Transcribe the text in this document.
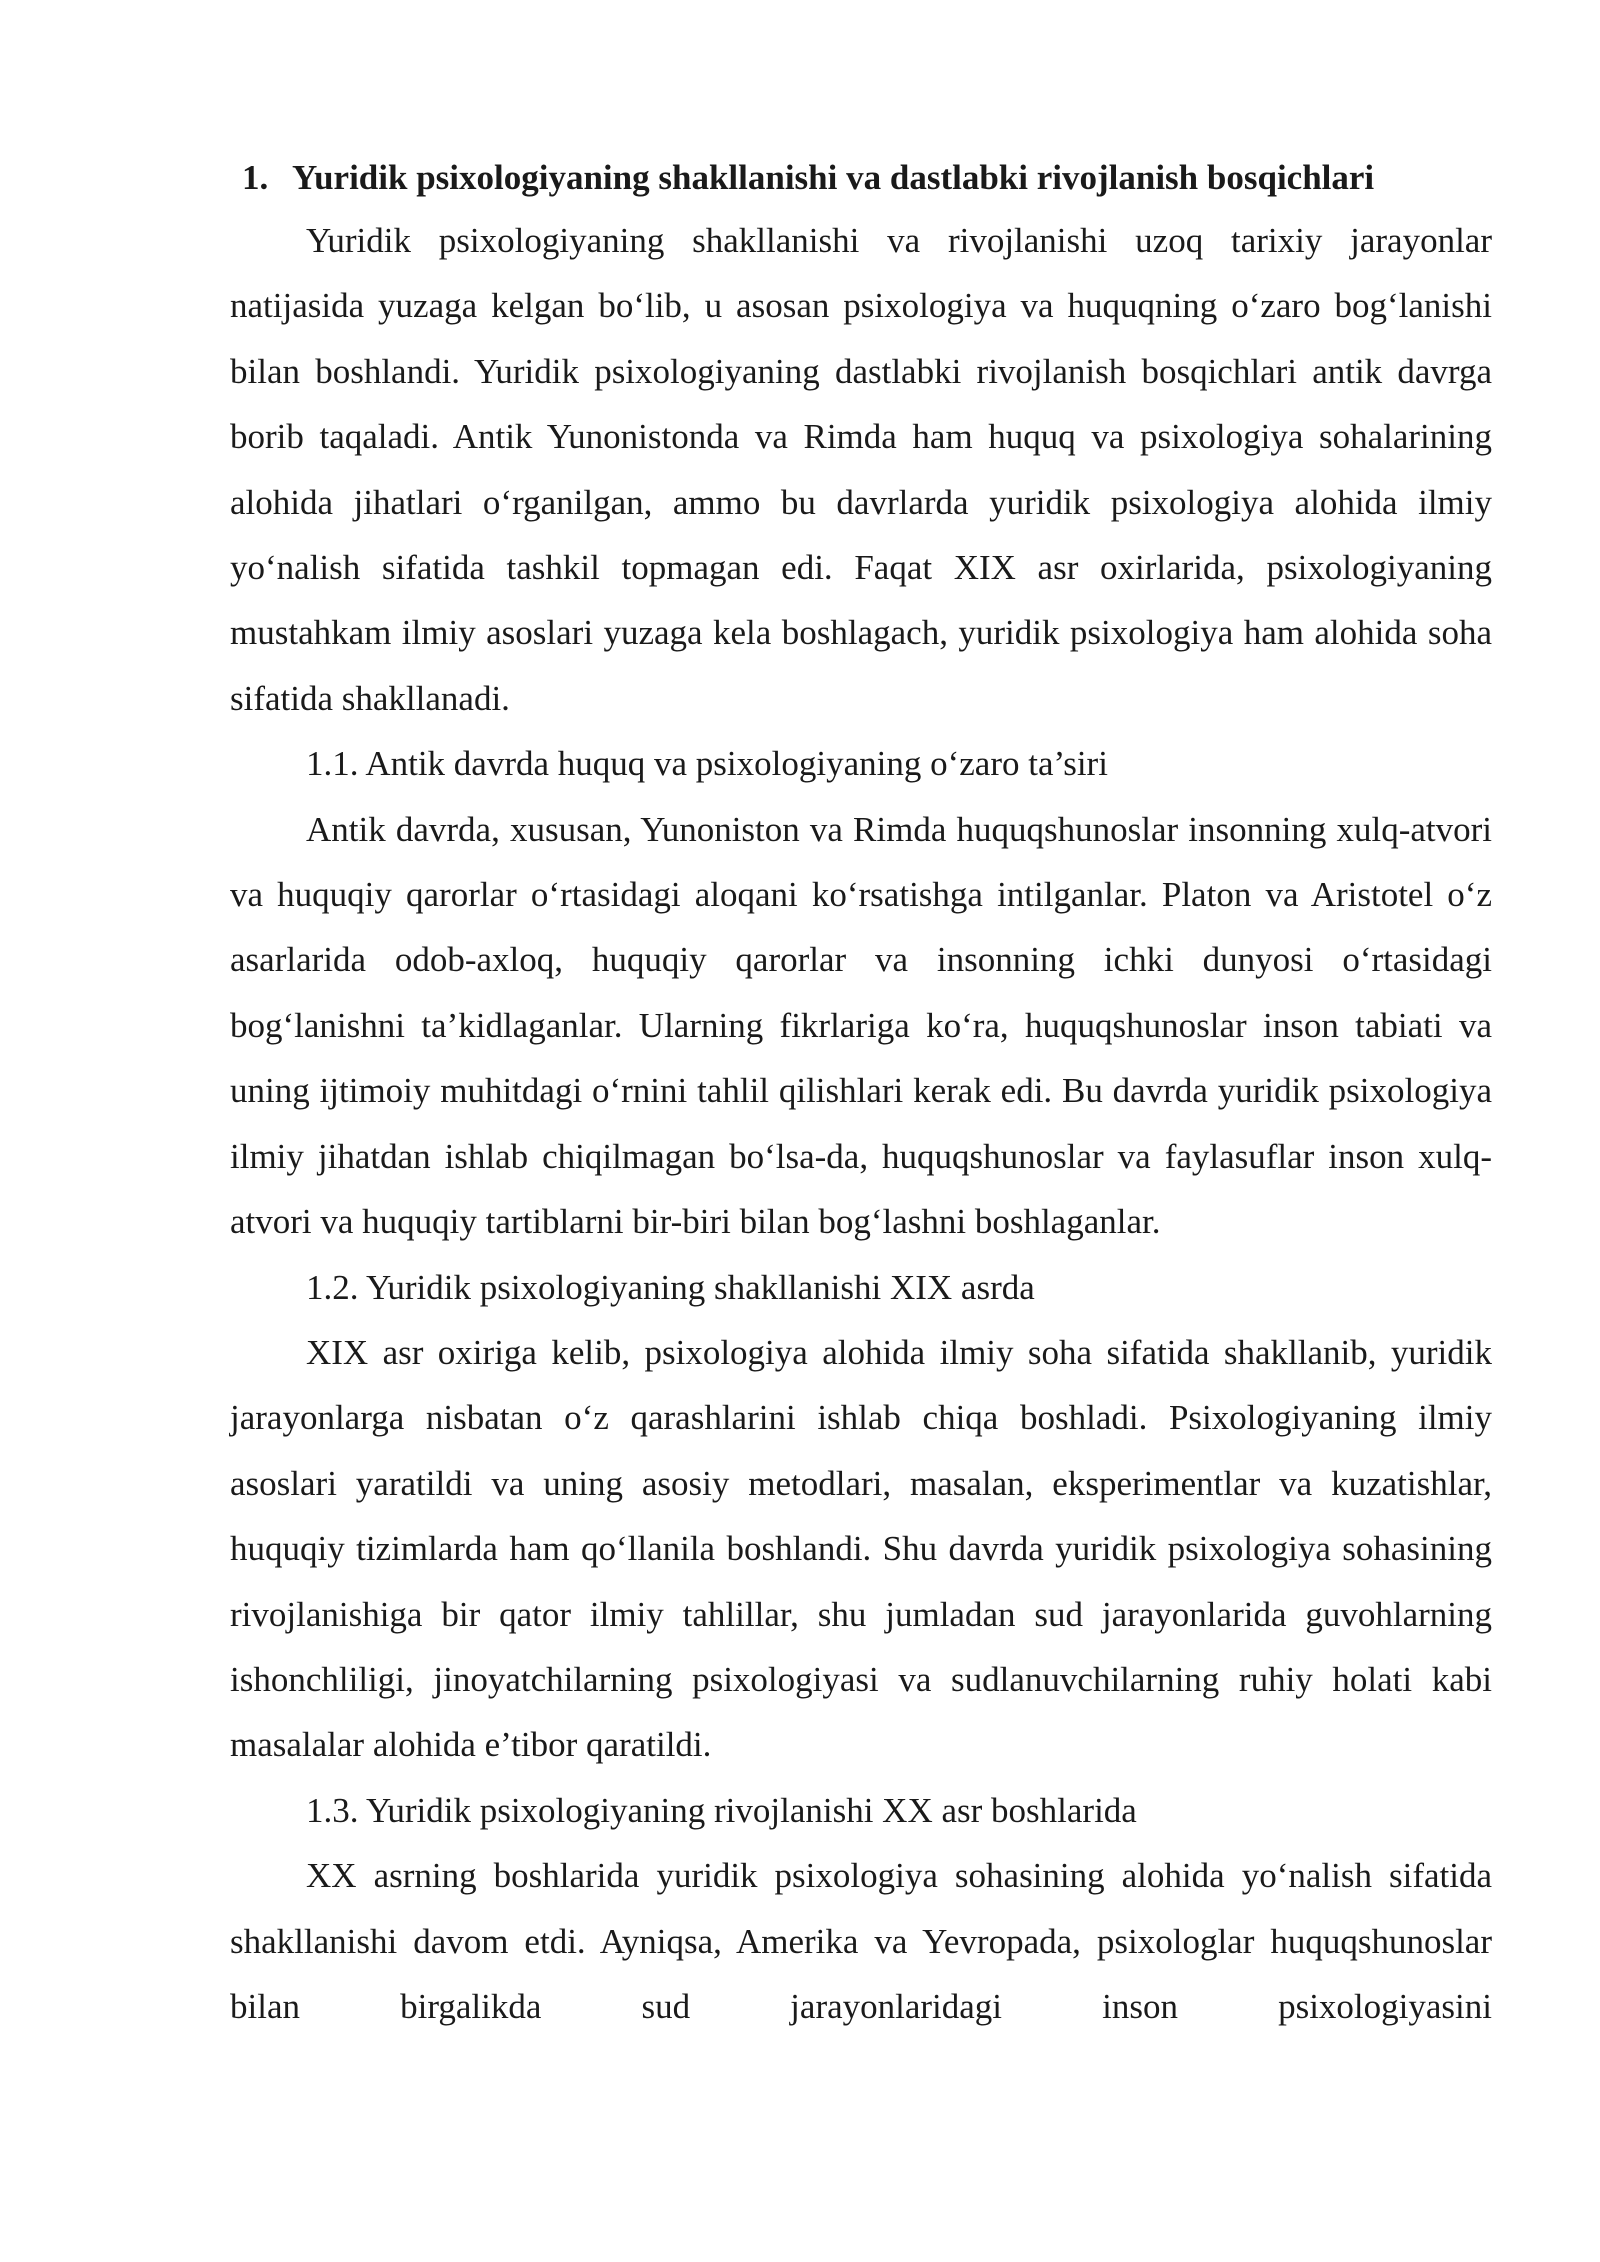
1. Yuridik psixologiyaning shakllanishi va dastlabki rivojlanish bosqichlari

Yuridik psixologiyaning shakllanishi va rivojlanishi uzoq tarixiy jarayonlar natijasida yuzaga kelgan bo‘lib, u asosan psixologiya va huquqning o‘zaro bog‘lanishi bilan boshlandi. Yuridik psixologiyaning dastlabki rivojlanish bosqichlari antik davrga borib taqaladi. Antik Yunonistonda va Rimda ham huquq va psixologiya sohalarining alohida jihatlari o‘rganilgan, ammo bu davrlarda yuridik psixologiya alohida ilmiy yo‘nalish sifatida tashkil topmagan edi. Faqat XIX asr oxirlarida, psixologiyaning mustahkam ilmiy asoslari yuzaga kela boshlagach, yuridik psixologiya ham alohida soha sifatida shakllanadi.

1.1. Antik davrda huquq va psixologiyaning o‘zaro ta’siri

Antik davrda, xususan, Yunoniston va Rimda huquqshunoslar insonning xulq-atvori va huquqiy qarorlar o‘rtasidagi aloqani ko‘rsatishga intilganlar. Platon va Aristotel o‘z asarlarida odob-axloq, huquqiy qarorlar va insonning ichki dunyosi o‘rtasidagi bog‘lanishni ta’kidlaganlar. Ularning fikrlariga ko‘ra, huquqshunoslar inson tabiati va uning ijtimoiy muhitdagi o‘rnini tahlil qilishlari kerak edi. Bu davrda yuridik psixologiya ilmiy jihatdan ishlab chiqilmagan bo‘lsa-da, huquqshunoslar va faylasuflar inson xulq-atvori va huquqiy tartiblarni bir-biri bilan bog‘lashni boshlaganlar.

1.2. Yuridik psixologiyaning shakllanishi XIX asrda

XIX asr oxiriga kelib, psixologiya alohida ilmiy soha sifatida shakllanib, yuridik jarayonlarga nisbatan o‘z qarashlarini ishlab chiqa boshladi. Psixologiyaning ilmiy asoslari yaratildi va uning asosiy metodlari, masalan, eksperimentlar va kuzatishlar, huquqiy tizimlarda ham qo‘llanila boshlandi. Shu davrda yuridik psixologiya sohasining rivojlanishiga bir qator ilmiy tahlillar, shu jumladan sud jarayonlarida guvohlarning ishonchliligi, jinoyatchilarning psixologiyasi va sudlanuvchilarning ruhiy holati kabi masalalar alohida e’tibor qaratildi.

1.3. Yuridik psixologiyaning rivojlanishi XX asr boshlarida

XX asrning boshlarida yuridik psixologiya sohasining alohida yo‘nalish sifatida shakllanishi davom etdi. Ayniqsa, Amerika va Yevropada, psixologlar huquqshunoslar bilan birgalikda sud jarayonlaridagi inson psixologiyasini
